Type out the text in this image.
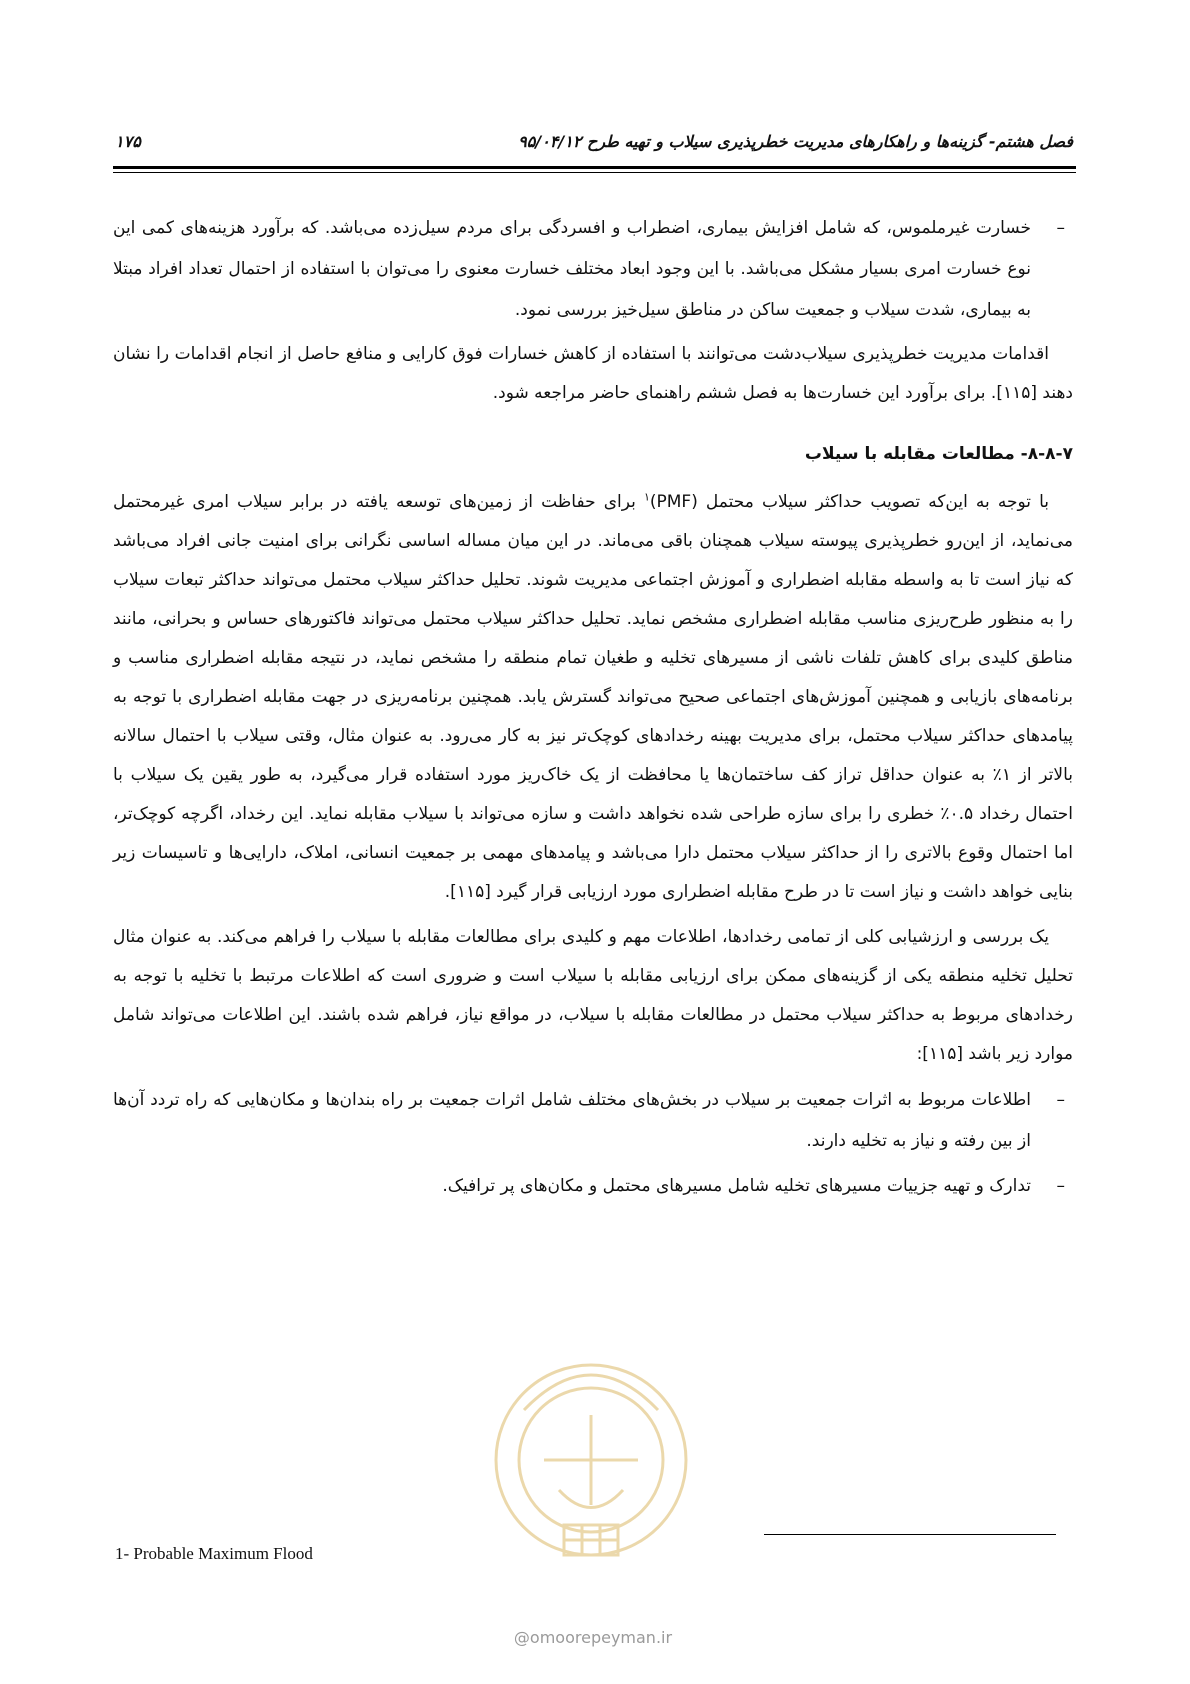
فصل هشتم- گزینه‌ها و راهکارهای مدیریت خطرپذیری سیلاب و تهیه طرح ۹۵/۰۴/۱۲
۱۷۵
–
خسارت غیرملموس، که شامل افزایش بیماری، اضطراب و افسردگی برای مردم سیل‌زده می‌باشد. که برآورد هزینه‌های کمی این نوع خسارت امری بسیار مشکل می‌باشد. با این وجود ابعاد مختلف خسارت معنوی را می‌توان با استفاده از احتمال تعداد افراد مبتلا به بیماری، شدت سیلاب و جمعیت ساکن در مناطق سیل‌خیز بررسی نمود.

اقدامات مدیریت خطرپذیری سیلاب‌دشت می‌توانند با استفاده از کاهش خسارات فوق کارایی و منافع حاصل از انجام اقدامات را نشان دهند [۱۱۵]. برای برآورد این خسارت‌ها به فصل ششم راهنمای حاضر مراجعه شود.

۸-۸-۷- مطالعات مقابله با سیلاب

با توجه به این‌که تصویب حداکثر سیلاب محتمل (PMF)$^۱$ برای حفاظت از زمین‌های توسعه یافته در برابر سیلاب امری غیرمحتمل می‌نماید، از این‌رو خطرپذیری پیوسته سیلاب همچنان باقی می‌ماند. در این میان مساله اساسی نگرانی برای امنیت جانی افراد می‌باشد که نیاز است تا به واسطه مقابله اضطراری و آموزش اجتماعی مدیریت شوند. تحلیل حداکثر سیلاب محتمل می‌تواند حداکثر تبعات سیلاب را به منظور طرح‌ریزی مناسب مقابله اضطراری مشخص نماید. تحلیل حداکثر سیلاب محتمل می‌تواند فاکتورهای حساس و بحرانی، مانند مناطق کلیدی برای کاهش تلفات ناشی از مسیرهای تخلیه و طغیان تمام منطقه را مشخص نماید، در نتیجه مقابله اضطراری مناسب و برنامه‌های بازیابی و همچنین آموزش‌های اجتماعی صحیح می‌تواند گسترش یابد. همچنین برنامه‌ریزی در جهت مقابله اضطراری با توجه به پیامدهای حداکثر سیلاب محتمل، برای مدیریت بهینه رخدادهای کوچک‌تر نیز به کار می‌رود. به عنوان مثال، وقتی سیلاب با احتمال سالانه بالاتر از ۱٪ به عنوان حداقل تراز کف ساختمان‌ها یا محافظت از یک خاک‌ریز مورد استفاده قرار می‌گیرد، به طور یقین یک سیلاب با احتمال رخداد ۰.۵٪ خطری را برای سازه طراحی شده نخواهد داشت و سازه می‌تواند با سیلاب مقابله نماید. این رخداد، اگرچه کوچک‌تر، اما احتمال وقوع بالاتری را از حداکثر سیلاب محتمل دارا می‌باشد و پیامدهای مهمی بر جمعیت انسانی، املاک، دارایی‌ها و تاسیسات زیر بنایی خواهد داشت و نیاز است تا در طرح مقابله اضطراری مورد ارزیابی قرار گیرد [۱۱۵].

یک بررسی و ارزشیابی کلی از تمامی رخدادها، اطلاعات مهم و کلیدی برای مطالعات مقابله با سیلاب را فراهم می‌کند. به عنوان مثال تحلیل تخلیه منطقه یکی از گزینه‌های ممکن برای ارزیابی مقابله با سیلاب است و ضروری است که اطلاعات مرتبط با تخلیه با توجه به رخدادهای مربوط به حداکثر سیلاب محتمل در مطالعات مقابله با سیلاب، در مواقع نیاز، فراهم شده باشند. این اطلاعات می‌تواند شامل موارد زیر باشد [۱۱۵]:

–
اطلاعات مربوط به اثرات جمعیت بر سیلاب در بخش‌های مختلف شامل اثرات جمعیت بر راه بندان‌ها و مکان‌هایی که راه تردد آن‌ها از بین رفته و نیاز به تخلیه دارند.
–
تدارک و تهیه جزییات مسیرهای تخلیه شامل مسیرهای محتمل و مکان‌های پر ترافیک.
1- Probable Maximum Flood
@omoorepeyman.ir
